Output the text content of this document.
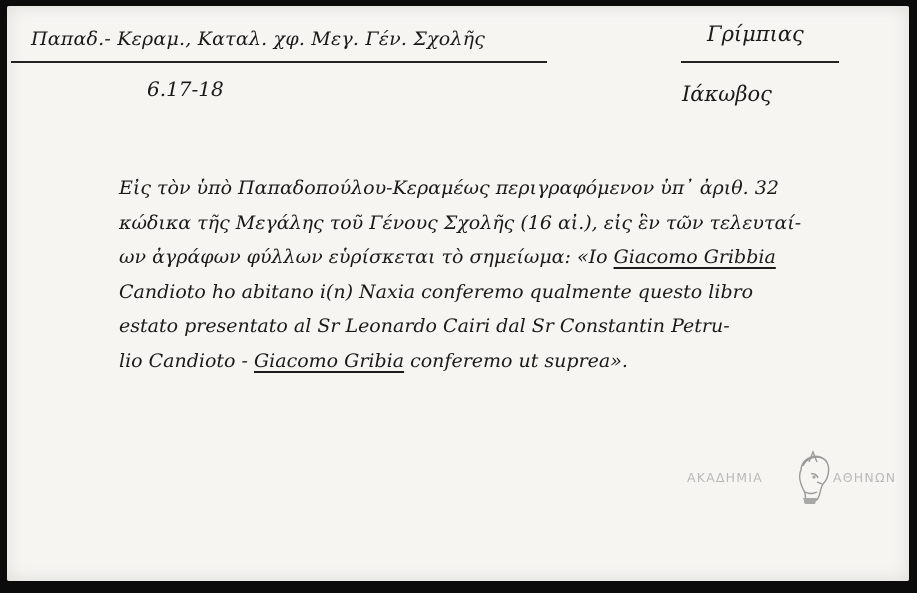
Παπαδ.- Κεραμ., Καταλ. χφ. Μεγ. Γέν. Σχολῆς	Γρίμπιας
6.17-18	Ιάκωβος
Εἰς τὸν ὑπὸ Παπαδοπούλου-Κεραμέως περιγραφόμενον ὑπ᾽ ἀριθ. 32
κώδικα τῆς Μεγάλης τοῦ Γένους Σχολῆς (16 αἰ.), εἰς ἓν τῶν τελευταί-
ων ἀγράφων φύλλων εὑρίσκεται τὸ σημείωμα: «Io Giacomo Gribbia
Candioto ho abitano i(n) Naxia conferemo qualmente questo libro
estato presentato al Sr Leonardo Cairi dal Sr Constantin Petru-
lio Candioto - Giacomo Gribia conferemo ut suprea».
ΑΚΑΔΗΜΙΑ	ΑΘΗΝΩΝ
